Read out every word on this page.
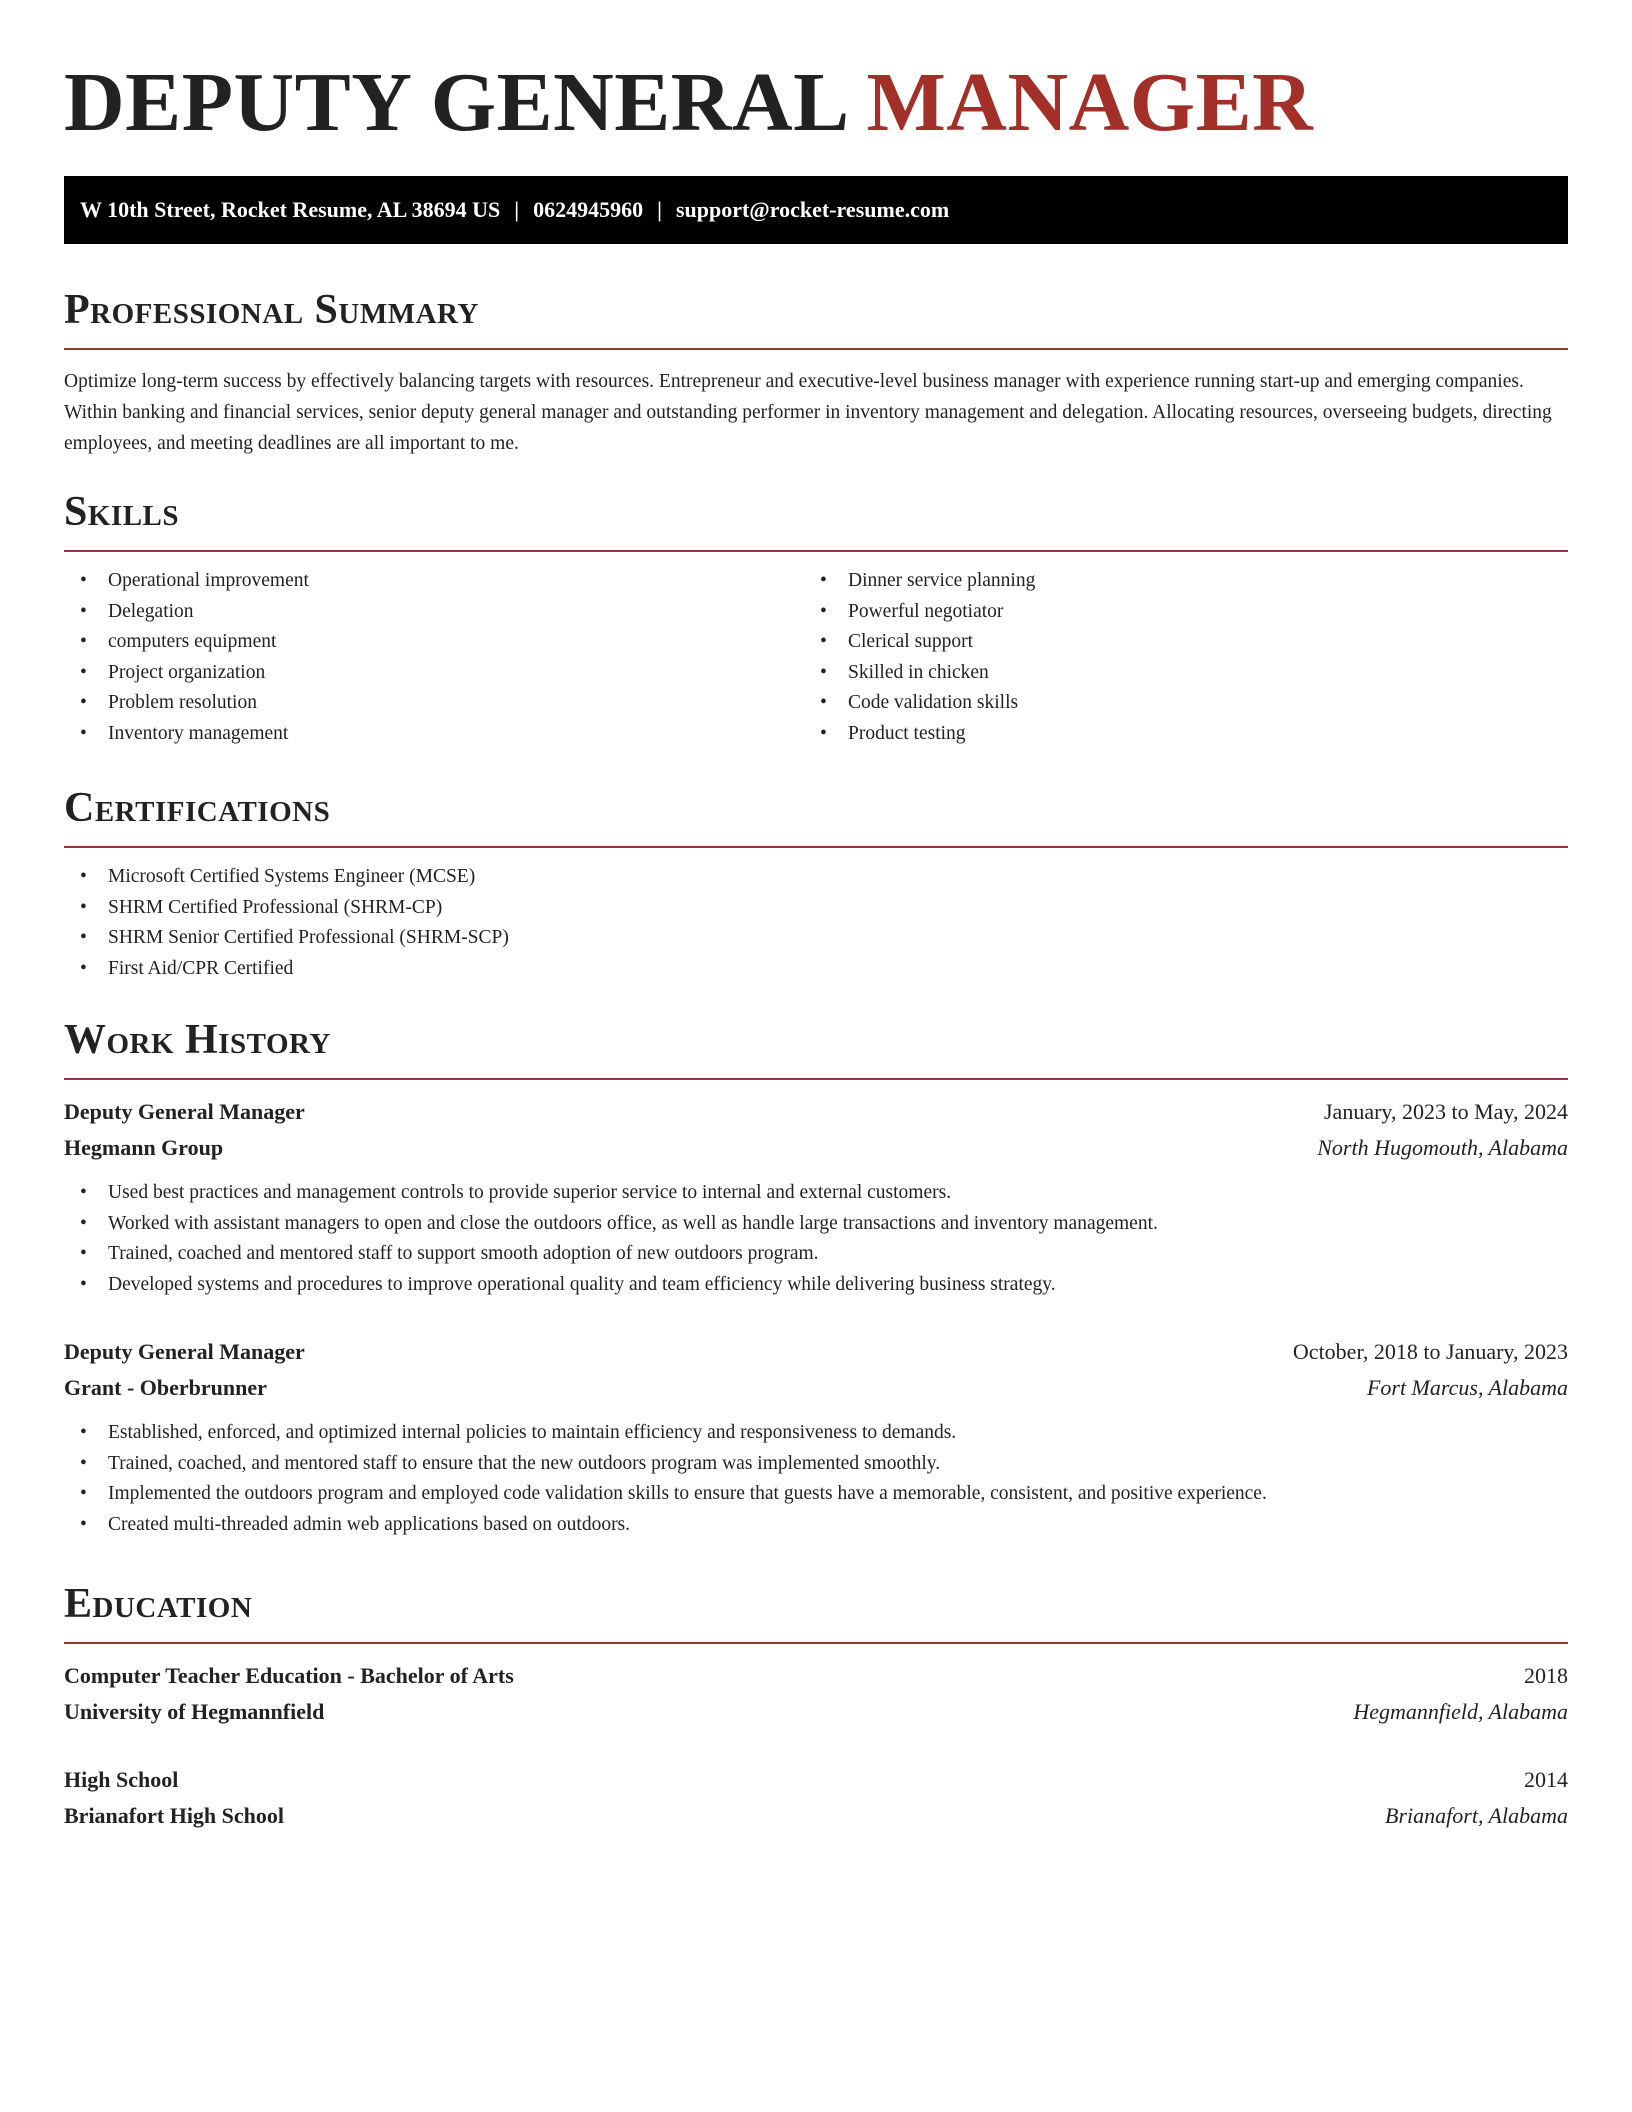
DEPUTY GENERAL MANAGER
W 10th Street, Rocket Resume, AL 38694 US | 0624945960 | support@rocket-resume.com
Professional Summary
Optimize long-term success by effectively balancing targets with resources. Entrepreneur and executive-level business manager with experience running start-up and emerging companies. Within banking and financial services, senior deputy general manager and outstanding performer in inventory management and delegation. Allocating resources, overseeing budgets, directing employees, and meeting deadlines are all important to me.
Skills
• Operational improvement
• Delegation
• computers equipment
• Project organization
• Problem resolution
• Inventory management
• Dinner service planning
• Powerful negotiator
• Clerical support
• Skilled in chicken
• Code validation skills
• Product testing
Certifications
• Microsoft Certified Systems Engineer (MCSE)
• SHRM Certified Professional (SHRM-CP)
• SHRM Senior Certified Professional (SHRM-SCP)
• First Aid/CPR Certified
Work History
Deputy General Manager	January, 2023 to May, 2024
Hegmann Group	North Hugomouth, Alabama
• Used best practices and management controls to provide superior service to internal and external customers.
• Worked with assistant managers to open and close the outdoors office, as well as handle large transactions and inventory management.
• Trained, coached and mentored staff to support smooth adoption of new outdoors program.
• Developed systems and procedures to improve operational quality and team efficiency while delivering business strategy.
Deputy General Manager	October, 2018 to January, 2023
Grant - Oberbrunner	Fort Marcus, Alabama
• Established, enforced, and optimized internal policies to maintain efficiency and responsiveness to demands.
• Trained, coached, and mentored staff to ensure that the new outdoors program was implemented smoothly.
• Implemented the outdoors program and employed code validation skills to ensure that guests have a memorable, consistent, and positive experience.
• Created multi-threaded admin web applications based on outdoors.
Education
Computer Teacher Education - Bachelor of Arts	2018
University of Hegmannfield	Hegmannfield, Alabama
High School	2014
Brianafort High School	Brianafort, Alabama
